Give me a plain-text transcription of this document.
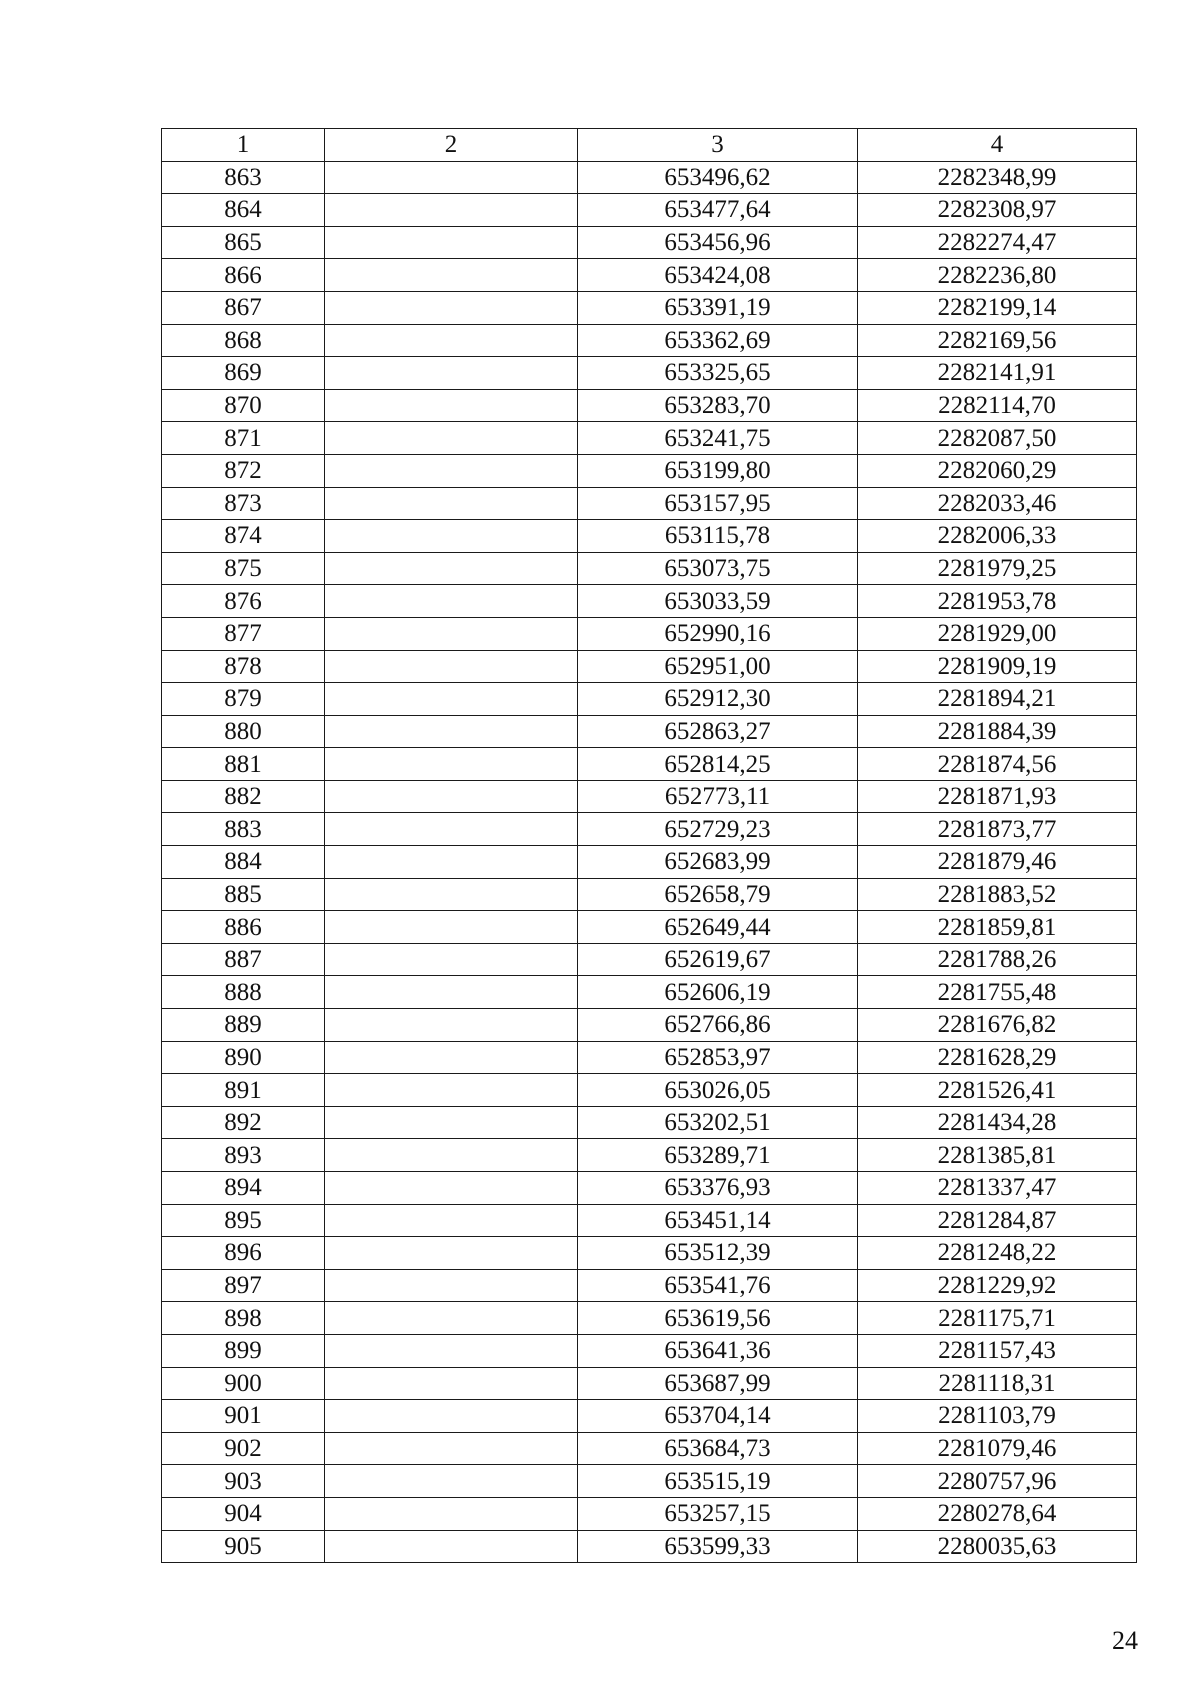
1	2	3	4
863		653496,62	2282348,99
864		653477,64	2282308,97
865		653456,96	2282274,47
866		653424,08	2282236,80
867		653391,19	2282199,14
868		653362,69	2282169,56
869		653325,65	2282141,91
870		653283,70	2282114,70
871		653241,75	2282087,50
872		653199,80	2282060,29
873		653157,95	2282033,46
874		653115,78	2282006,33
875		653073,75	2281979,25
876		653033,59	2281953,78
877		652990,16	2281929,00
878		652951,00	2281909,19
879		652912,30	2281894,21
880		652863,27	2281884,39
881		652814,25	2281874,56
882		652773,11	2281871,93
883		652729,23	2281873,77
884		652683,99	2281879,46
885		652658,79	2281883,52
886		652649,44	2281859,81
887		652619,67	2281788,26
888		652606,19	2281755,48
889		652766,86	2281676,82
890		652853,97	2281628,29
891		653026,05	2281526,41
892		653202,51	2281434,28
893		653289,71	2281385,81
894		653376,93	2281337,47
895		653451,14	2281284,87
896		653512,39	2281248,22
897		653541,76	2281229,92
898		653619,56	2281175,71
899		653641,36	2281157,43
900		653687,99	2281118,31
901		653704,14	2281103,79
902		653684,73	2281079,46
903		653515,19	2280757,96
904		653257,15	2280278,64
905		653599,33	2280035,63
24
